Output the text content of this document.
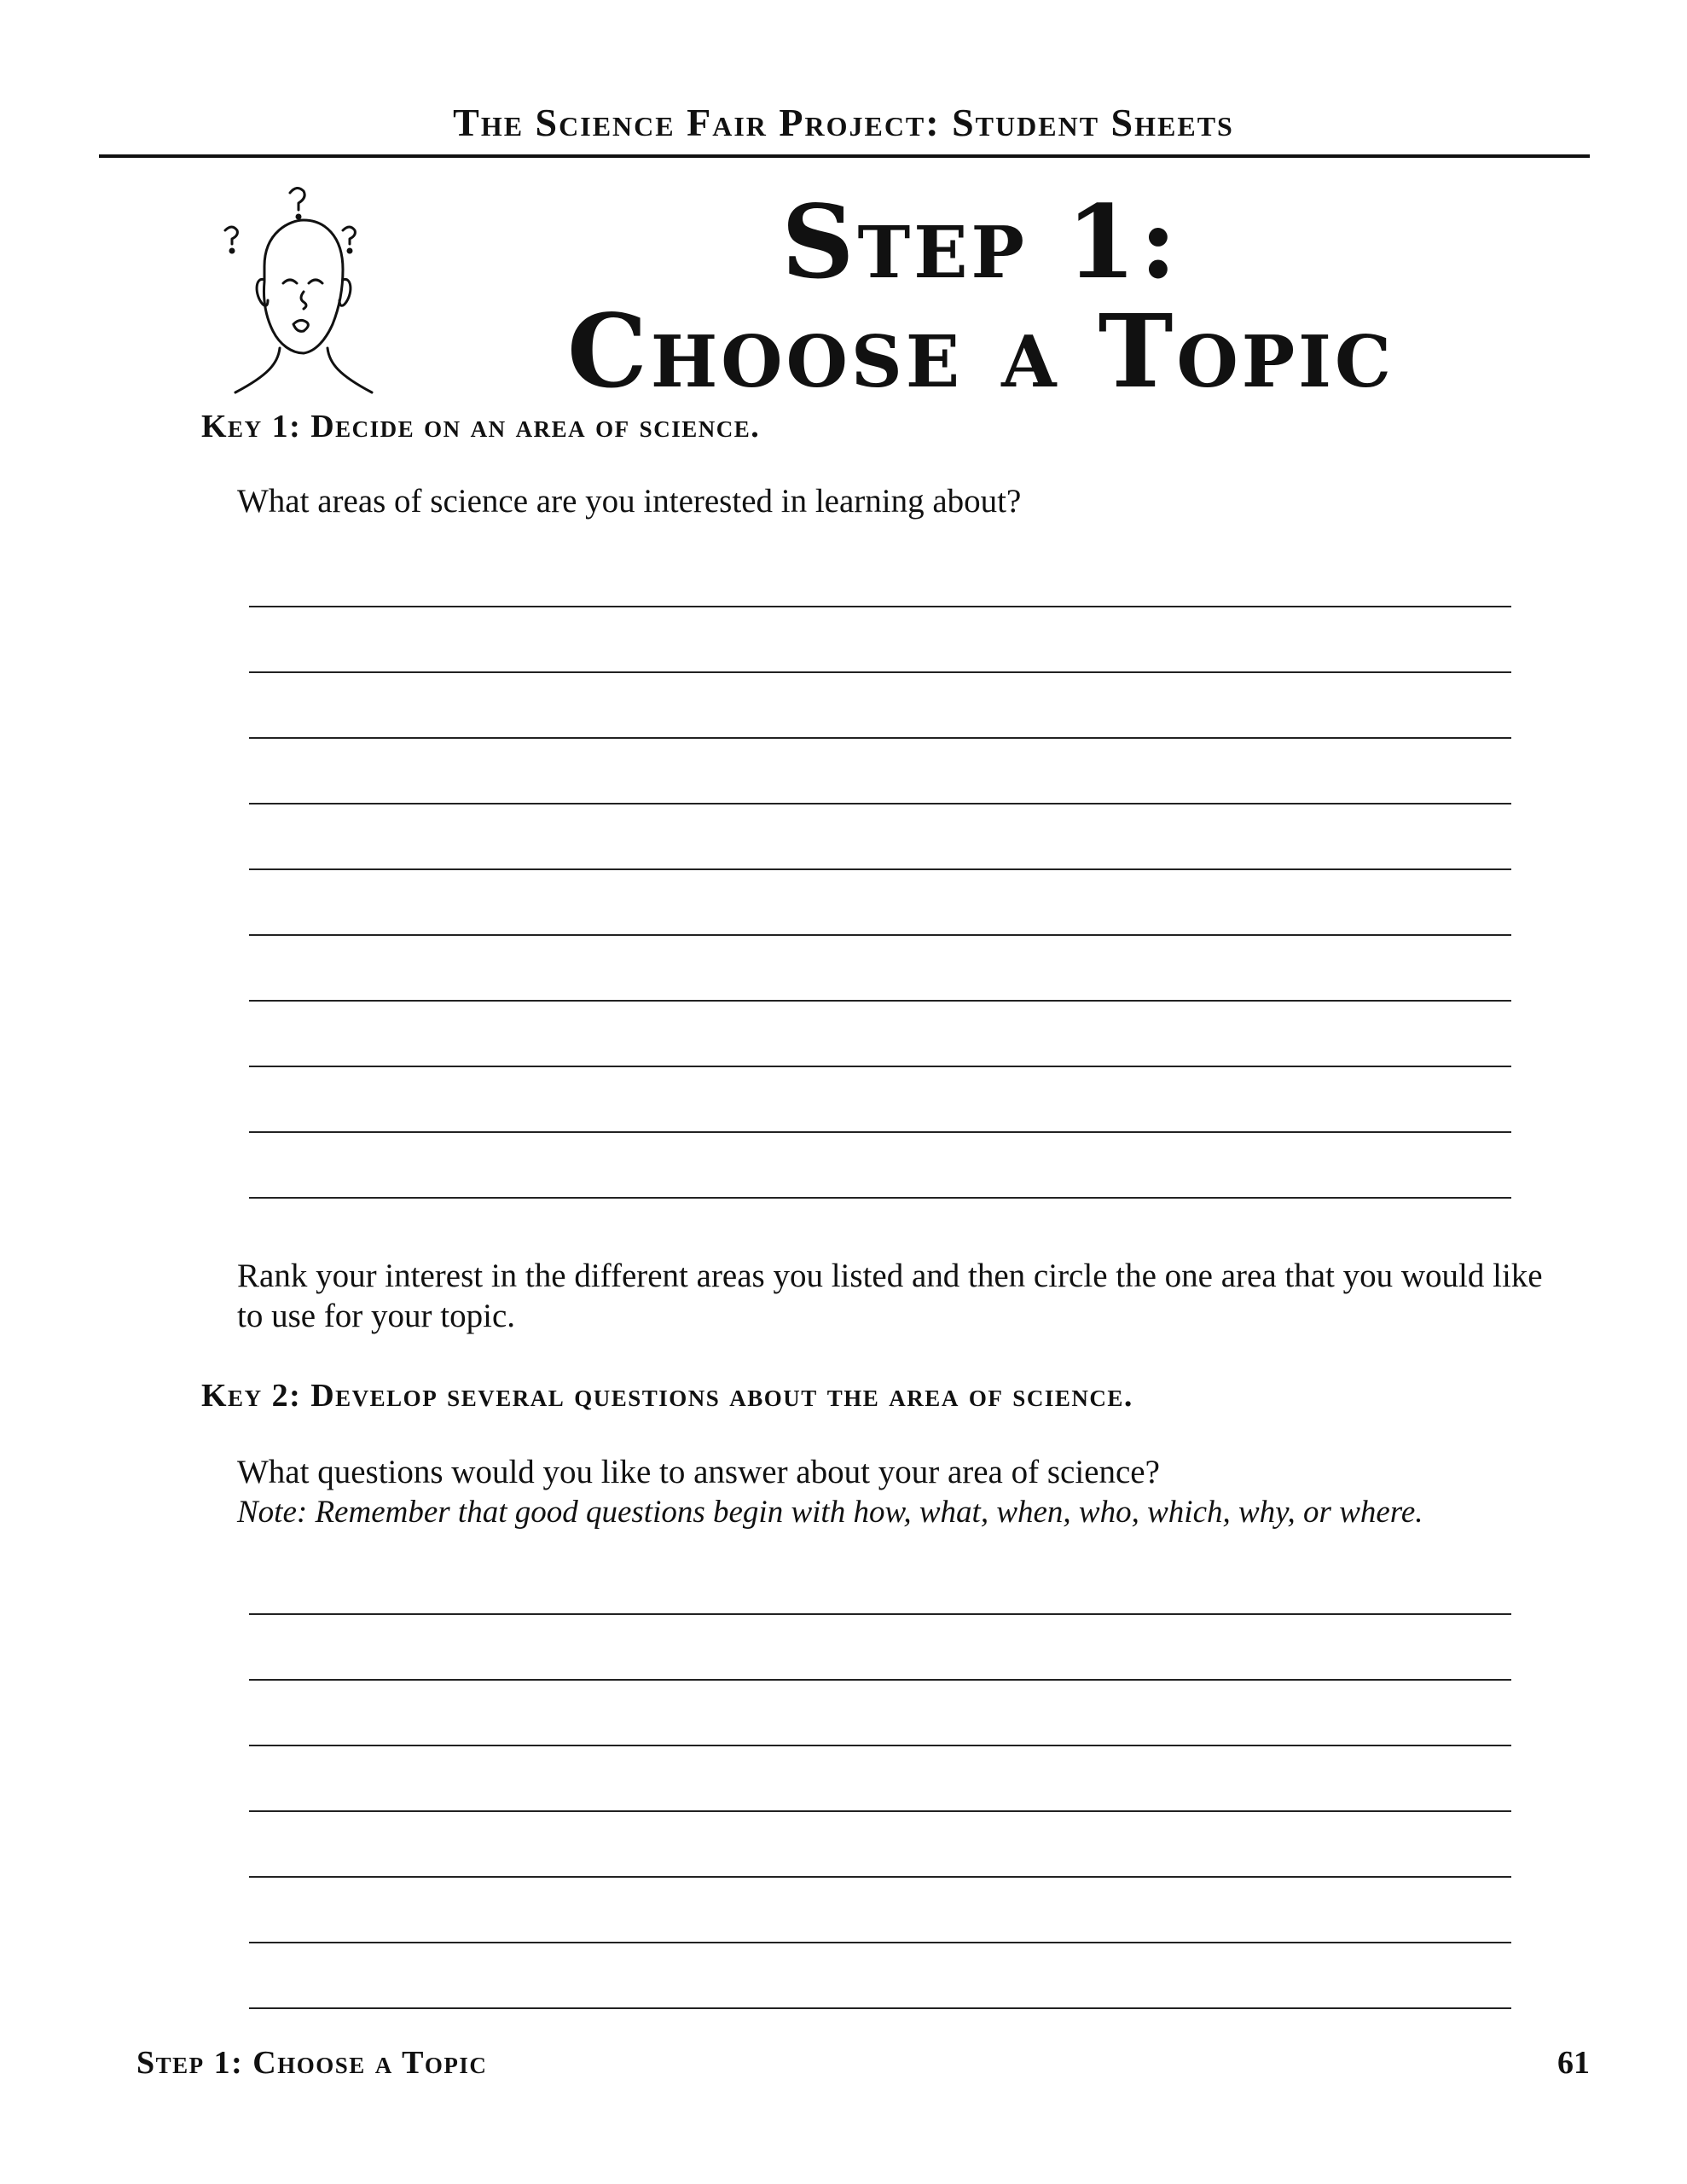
The Science Fair Project: Student Sheets
Step 1:
Choose a Topic
Key 1: Decide on an area of science.
What areas of science are you interested in learning about?
Rank your interest in the different areas you listed and then circle the one area that you would like to use for your topic.
Key 2: Develop several questions about the area of science.
What questions would you like to answer about your area of science?
Note: Remember that good questions begin with how, what, when, who, which, why, or where.
Step 1: Choose a Topic	61
